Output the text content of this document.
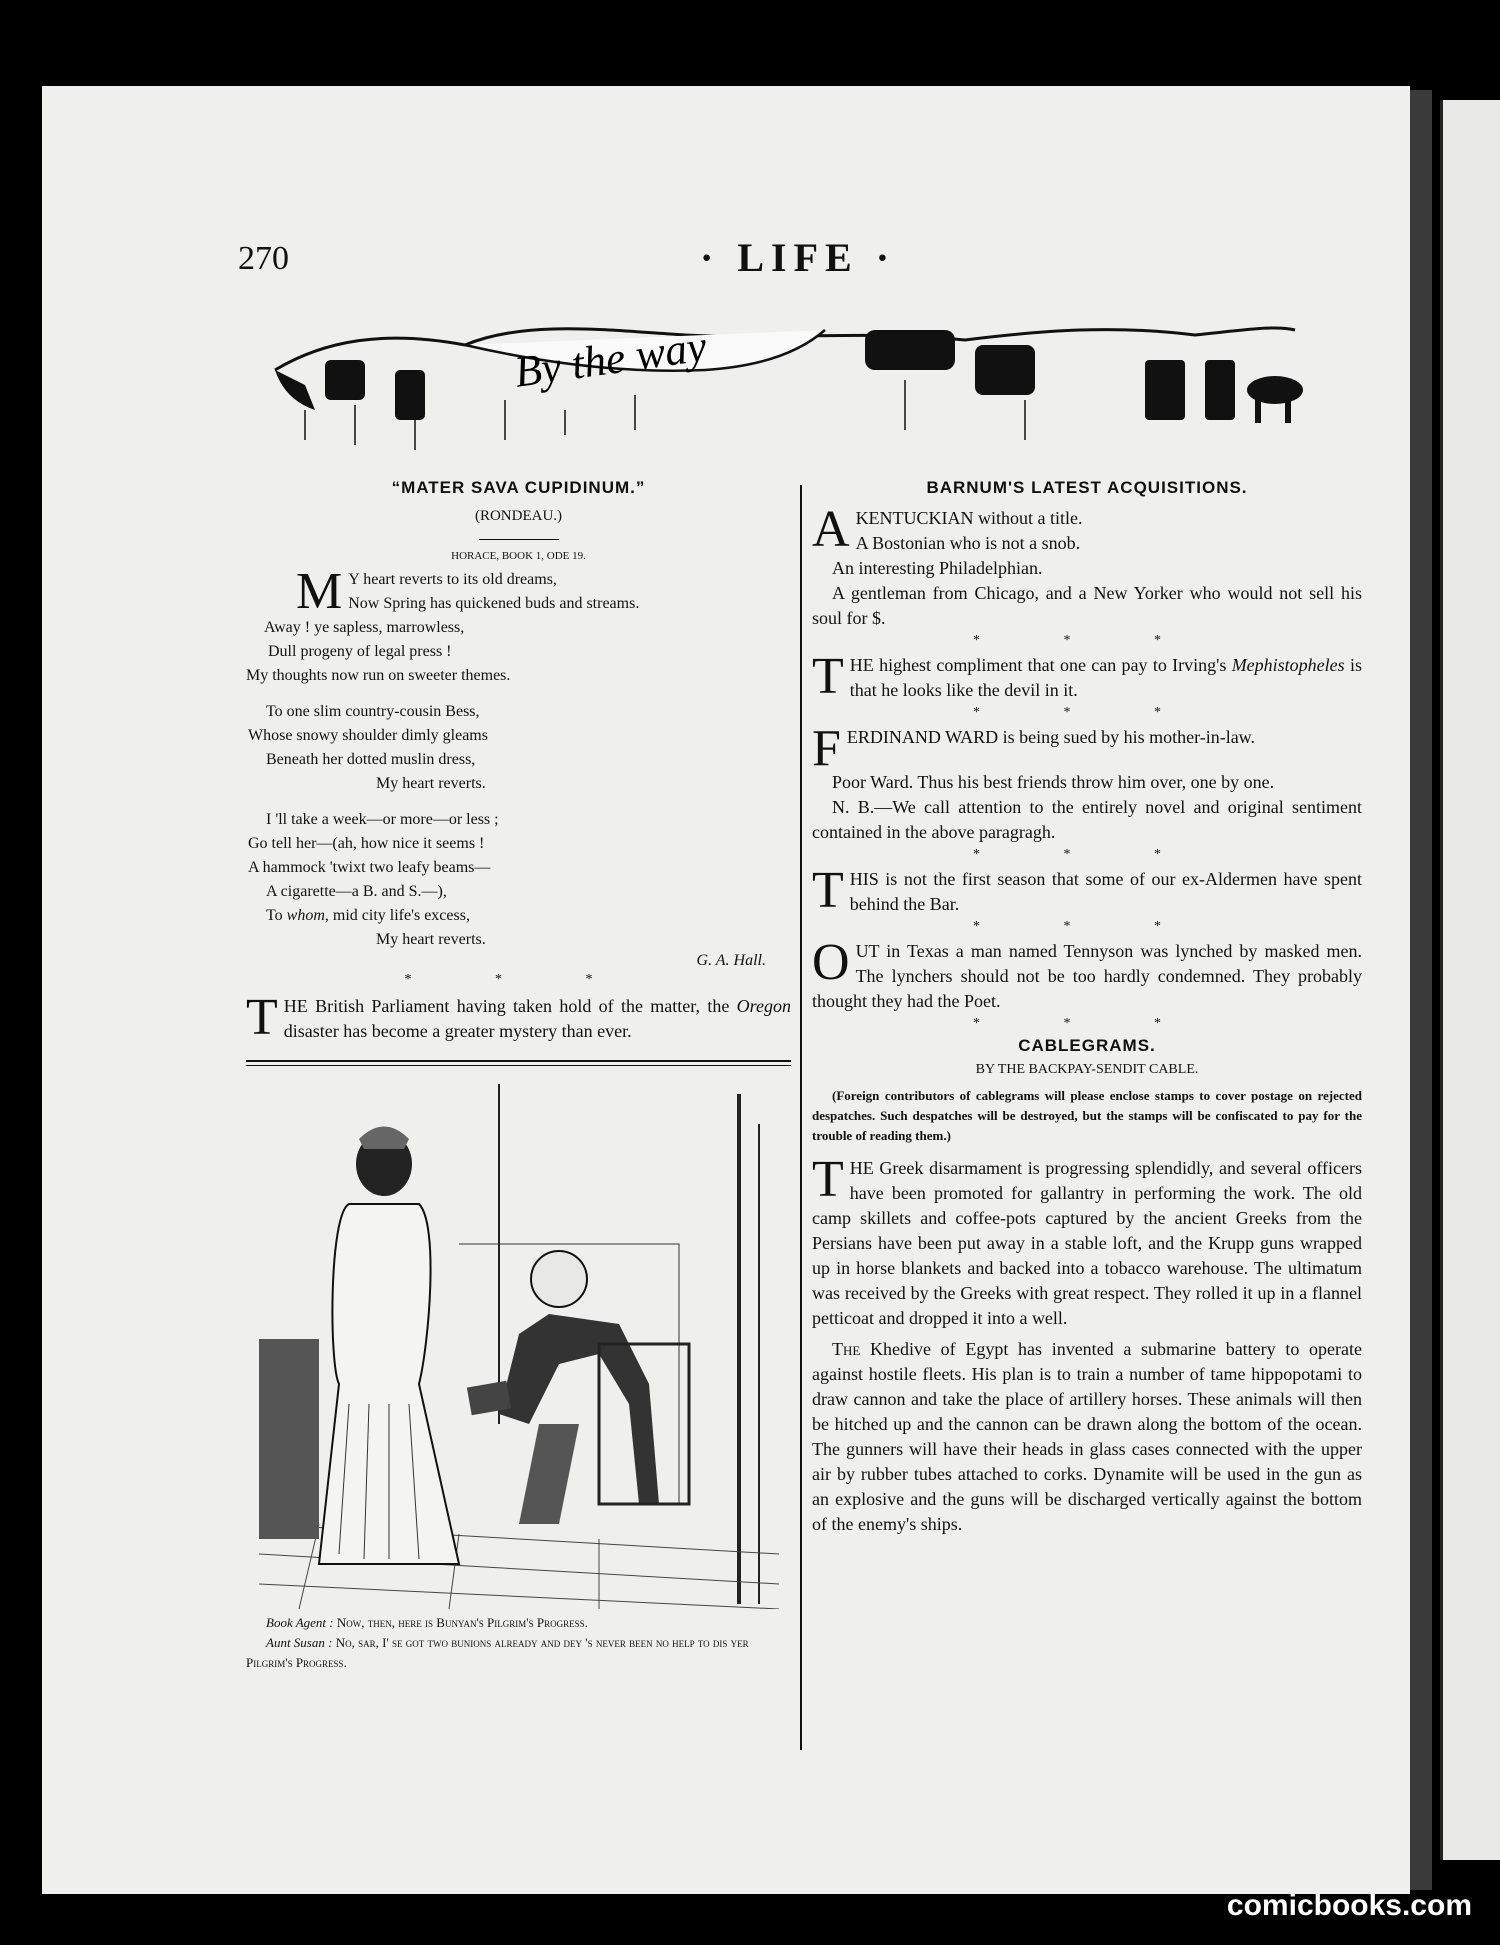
270	· LIFE ·
By the way
“MATER SAVA CUPIDINUM.”
(RONDEAU.)
HORACE, BOOK 1, ODE 19.
M Y heart reverts to its old dreams,
Now Spring has quickened buds and streams.
Away ! ye sapless, marrowless,
Dull progeny of legal press !
My thoughts now run on sweeter themes.
To one slim country-cousin Bess,
Whose snowy shoulder dimly gleams
Beneath her dotted muslin dress,
My heart reverts.
I 'll take a week—or more—or less ;
Go tell her—(ah, how nice it seems !
A hammock 'twixt two leafy beams—
A cigarette—a B. and S.—),
To whom, mid city life's excess,
My heart reverts.
G. A. Hall.
* * *

THE British Parliament having taken hold of the matter, the Oregon disaster has become a greater mystery than ever.

Book Agent : Now, then, here is Bunyan's Pilgrim's Progress.
Aunt Susan : No, sar, I' se got two bunions already and dey 's never been no help to dis yer Pilgrim's Progress.
BARNUM'S LATEST ACQUISITIONS.

A KENTUCKIAN without a title.
A Bostonian who is not a snob.

An interesting Philadelphian.

A gentleman from Chicago, and a New Yorker who would not sell his soul for $.

* * *

THE highest compliment that one can pay to Irving's Mephistopheles is that he looks like the devil in it.

* * *

FERDINAND WARD is being sued by his mother-in-law.

Poor Ward. Thus his best friends throw him over, one by one.

N. B.—We call attention to the entirely novel and original sentiment contained in the above paragragh.

* * *

THIS is not the first season that some of our ex-Aldermen have spent behind the Bar.

* * *

OUT in Texas a man named Tennyson was lynched by masked men. The lynchers should not be too hardly condemned. They probably thought they had the Poet.

* * *
CABLEGRAMS.
BY THE BACKPAY-SENDIT CABLE.

(Foreign contributors of cablegrams will please enclose stamps to cover postage on rejected despatches. Such despatches will be destroyed, but the stamps will be confiscated to pay for the trouble of reading them.)

THE Greek disarmament is progressing splendidly, and several officers have been promoted for gallantry in performing the work. The old camp skillets and coffee-pots captured by the ancient Greeks from the Persians have been put away in a stable loft, and the Krupp guns wrapped up in horse blankets and backed into a tobacco warehouse. The ultimatum was received by the Greeks with great respect. They rolled it up in a flannel petticoat and dropped it into a well.

The Khedive of Egypt has invented a submarine battery to operate against hostile fleets. His plan is to train a number of tame hippopotami to draw cannon and take the place of artillery horses. These animals will then be hitched up and the cannon can be drawn along the bottom of the ocean. The gunners will have their heads in glass cases connected with the upper air by rubber tubes attached to corks. Dynamite will be used in the gun as an explosive and the guns will be discharged vertically against the bottom of the enemy's ships.

comicbooks.com
